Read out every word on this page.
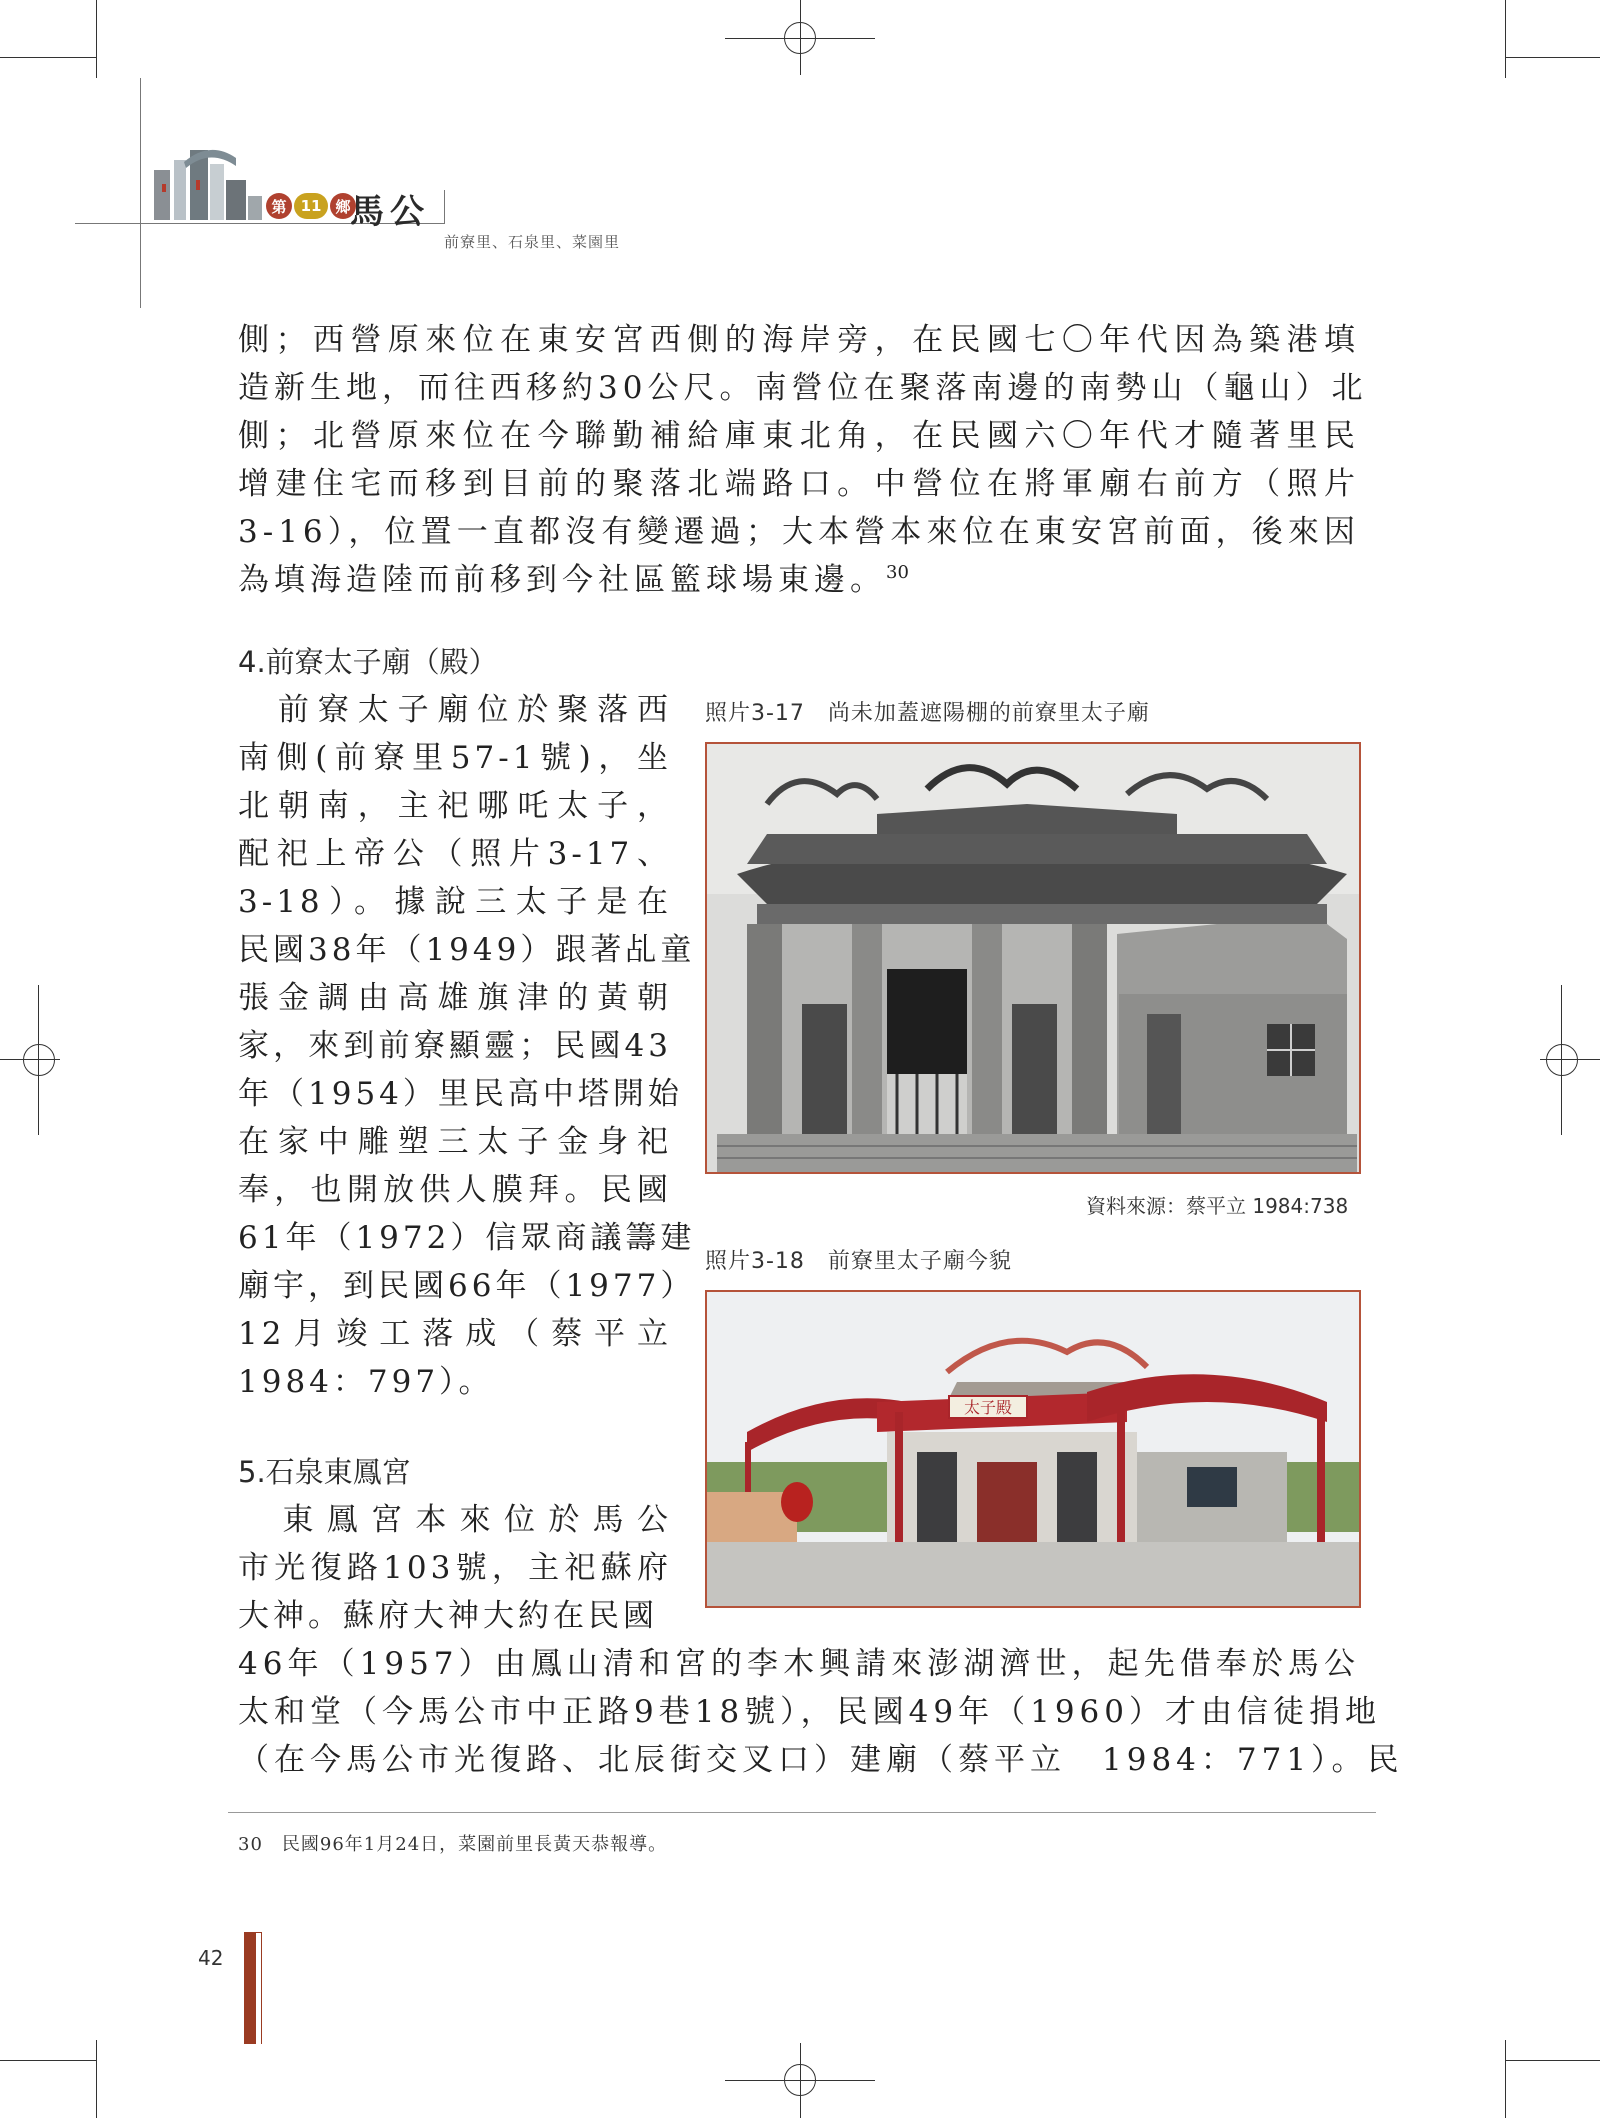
第 11 鄉 馬公
前寮里、石泉里、菜園里
側；西營原來位在東安宮西側的海岸旁，在民國七〇年代因為築港填
造新生地，而往西移約30公尺。南營位在聚落南邊的南勢山（龜山）北
側；北營原來位在今聯勤補給庫東北角，在民國六〇年代才隨著里民
增建住宅而移到目前的聚落北端路口。中營位在將軍廟右前方（照片
3-16），位置一直都沒有變遷過；大本營本來位在東安宮前面，後來因
為填海造陸而前移到今社區籃球場東邊。$^{30}$
4.前寮太子廟（殿）
　前寮太子廟位於聚落西
南側(前寮里57-1號)，坐
北朝南，主祀哪吒太子，
配祀上帝公（照片3-17、
3-18）。據說三太子是在
民國38年（1949）跟著乩童
張金調由高雄旗津的黃朝
家，來到前寮顯靈；民國43
年（1954）里民高中塔開始
在家中雕塑三太子金身祀
奉，也開放供人膜拜。民國
61年（1972）信眾商議籌建
廟宇，到民國66年（1977）
12月竣工落成（蔡平立
1984：797）。
照片3-17　尚未加蓋遮陽棚的前寮里太子廟
資料來源：蔡平立 1984:738
照片3-18　前寮里太子廟今貌
太子殿
5.石泉東鳳宮
　東鳳宮本來位於馬公
市光復路103號，主祀蘇府
大神。蘇府大神大約在民國
46年（1957）由鳳山清和宮的李木興請來澎湖濟世，起先借奉於馬公
太和堂（今馬公市中正路9巷18號），民國49年（1960）才由信徒捐地
（在今馬公市光復路、北辰街交叉口）建廟（蔡平立　1984：771）。民
30　民國96年1月24日，菜園前里長黃天恭報導。
42
